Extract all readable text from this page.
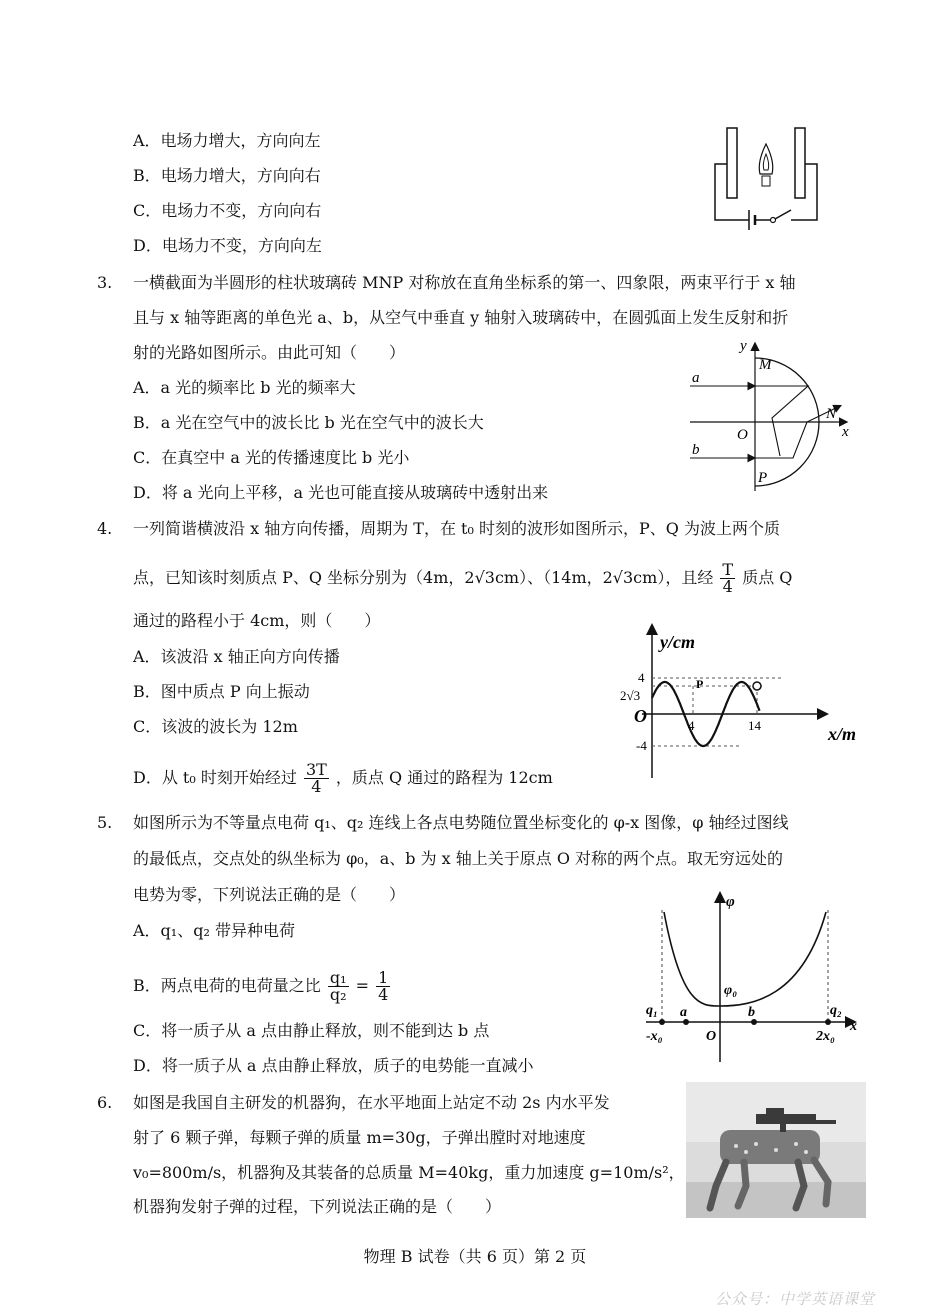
A．电场力增大，方向向左
B．电场力增大，方向向右
C．电场力不变，方向向右
D．电场力不变，方向向左
3. 一横截面为半圆形的柱状玻璃砖 MNP 对称放在直角坐标系的第一、四象限，两束平行于 x 轴
且与 x 轴等距离的单色光 a、b，从空气中垂直 y 轴射入玻璃砖中，在圆弧面上发生反射和折
射的光路如图所示。由此可知（　　）
A．a 光的频率比 b 光的频率大
B．a 光在空气中的波长比 b 光在空气中的波长大
C．在真空中 a 光的传播速度比 b 光小
D．将 a 光向上平移，a 光也可能直接从玻璃砖中透射出来
y
x
O
M
N
P
a
b
4. 一列简谐横波沿 x 轴方向传播，周期为 T，在 t₀ 时刻的波形如图所示，P、Q 为波上两个质
点，已知该时刻质点 P、Q 坐标分别为（4m，2√3cm）、（14m，2√3cm），且经 $\frac{T}{4}$ 质点 Q
通过的路程小于 4cm，则（　　）
A．该波沿 x 轴正向方向传播
B．图中质点 P 向上振动
C．该波的波长为 12m
D．从 t₀ 时刻开始经过 $\frac{3T}{4}$ ，质点 Q 通过的路程为 12cm
y/cm
x/m
O
4
2√3
-4
4	14
P
5. 如图所示为不等量点电荷 q₁、q₂ 连线上各点电势随位置坐标变化的 φ-x 图像，φ 轴经过图线
的最低点，交点处的纵坐标为 φ₀，a、b 为 x 轴上关于原点 O 对称的两个点。取无穷远处的
电势为零，下列说法正确的是（　　）
A．q₁、q₂ 带异种电荷
B．两点电荷的电荷量之比 $\frac{\text{q₁}}{\text{q₂}} = \frac{1}{4}$
C．将一质子从 a 点由静止释放，则不能到达 b 点
D．将一质子从 a 点由静止释放，质子的电势能一直减小
φ
φ₀
q₁	q₂
a	b
O
x
-x₀	2x₀
6. 如图是我国自主研发的机器狗，在水平地面上站定不动 2s 内水平发
射了 6 颗子弹，每颗子弹的质量 m=30g，子弹出膛时对地速度
v₀=800m/s，机器狗及其装备的总质量 M=40kg，重力加速度 g=10m/s²，
机器狗发射子弹的过程，下列说法正确的是（　　）
物理 B 试卷（共 6 页）第 2 页
公众号：中学英语课堂
